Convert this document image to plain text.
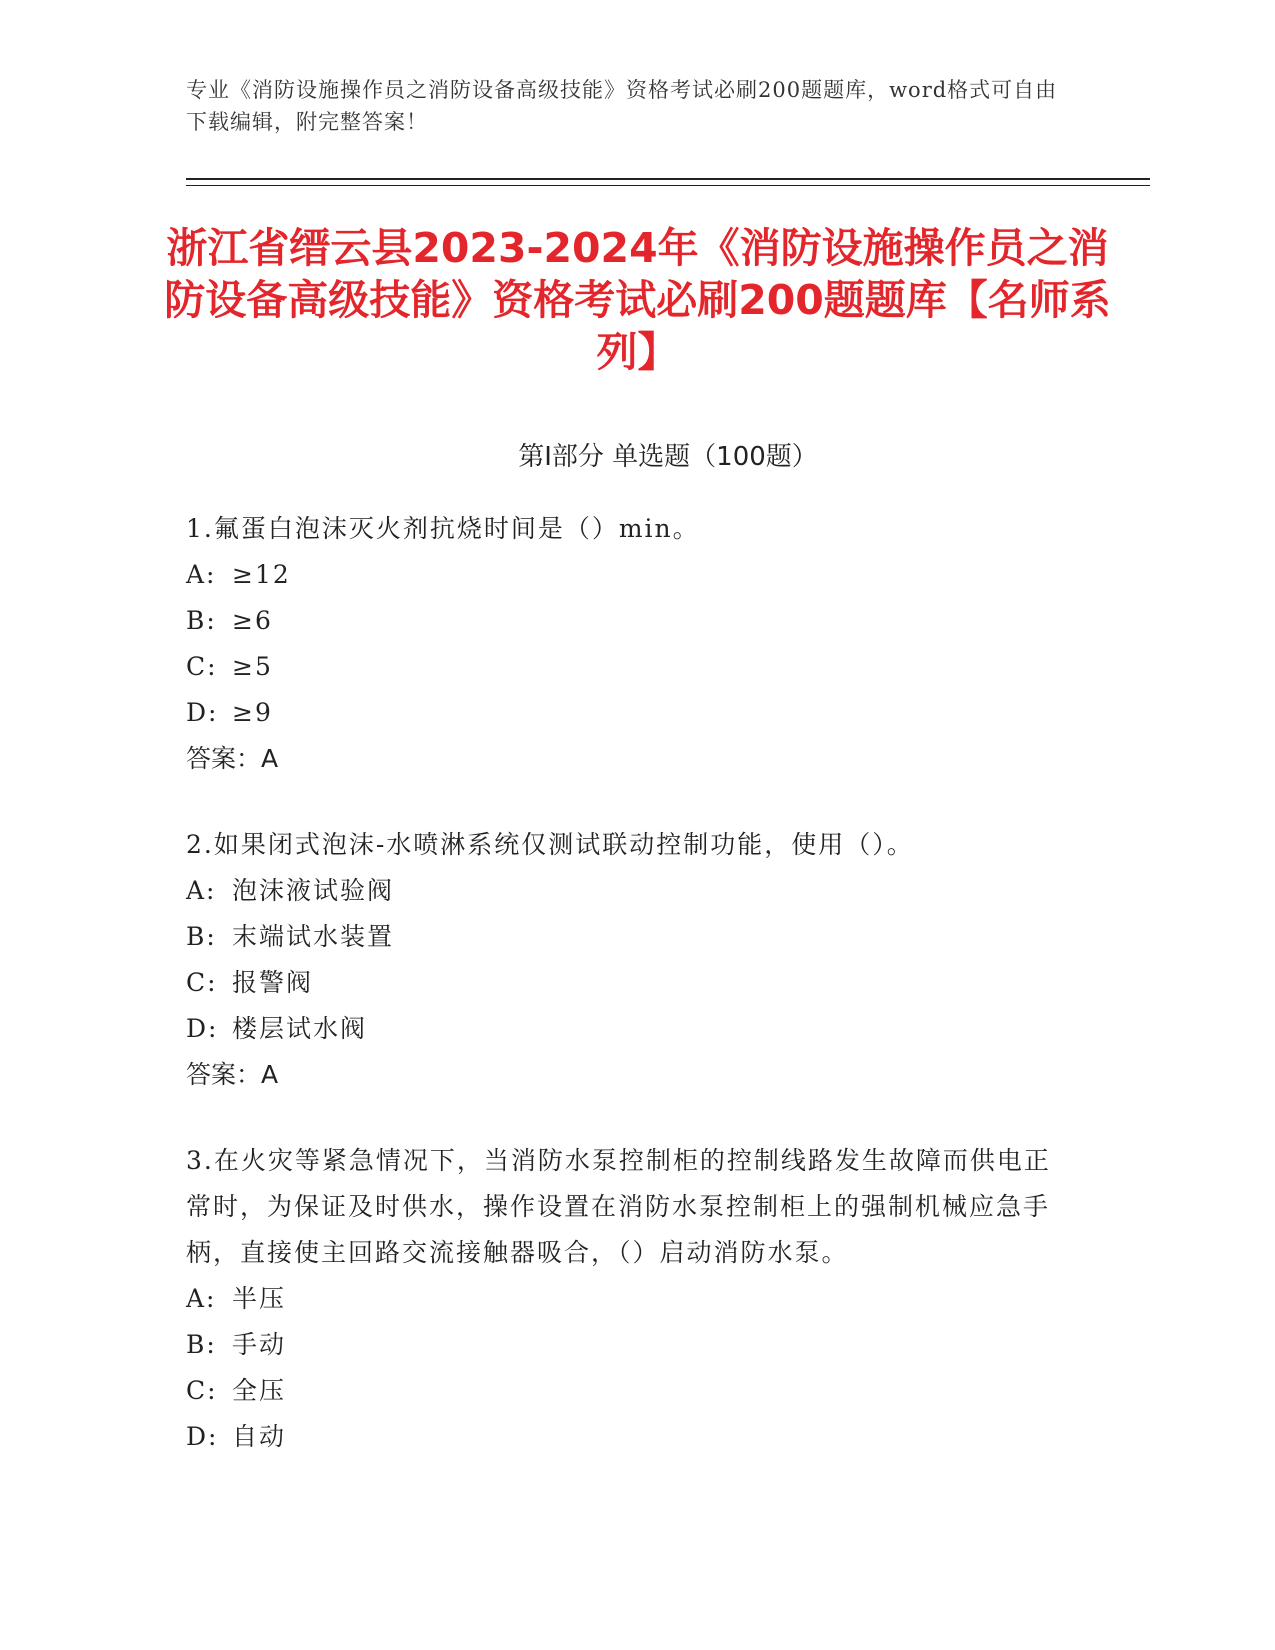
专业《消防设施操作员之消防设备高级技能》资格考试必刷200题题库，word格式可自由下载编辑，附完整答案！
浙江省缙云县2023-2024年《消防设施操作员之消防设备高级技能》资格考试必刷200题题库【名师系列】
第Ⅰ部分 单选题（100题）
1.氟蛋白泡沫灭火剂抗烧时间是（）min。
A: ≥12
B: ≥6
C: ≥5
D: ≥9
答案：A
2.如果闭式泡沫-水喷淋系统仅测试联动控制功能，使用（）。
A: 泡沫液试验阀
B: 末端试水装置
C: 报警阀
D: 楼层试水阀
答案：A
3.在火灾等紧急情况下，当消防水泵控制柜的控制线路发生故障而供电正常时，为保证及时供水，操作设置在消防水泵控制柜上的强制机械应急手柄，直接使主回路交流接触器吸合，（）启动消防水泵。
A: 半压
B: 手动
C: 全压
D: 自动
